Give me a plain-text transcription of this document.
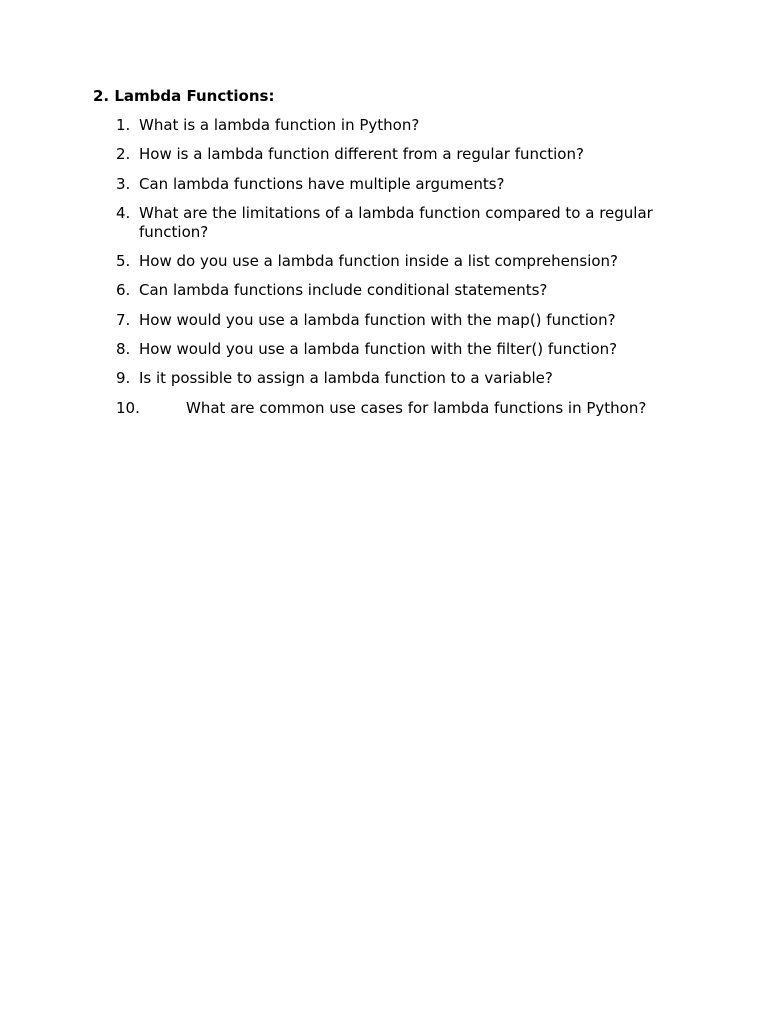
2. Lambda Functions:
1. What is a lambda function in Python?
2. How is a lambda function different from a regular function?
3. Can lambda functions have multiple arguments?
4. What are the limitations of a lambda function compared to a regular function?
5. How do you use a lambda function inside a list comprehension?
6. Can lambda functions include conditional statements?
7. How would you use a lambda function with the map() function?
8. How would you use a lambda function with the filter() function?
9. Is it possible to assign a lambda function to a variable?
10.	What are common use cases for lambda functions in Python?
